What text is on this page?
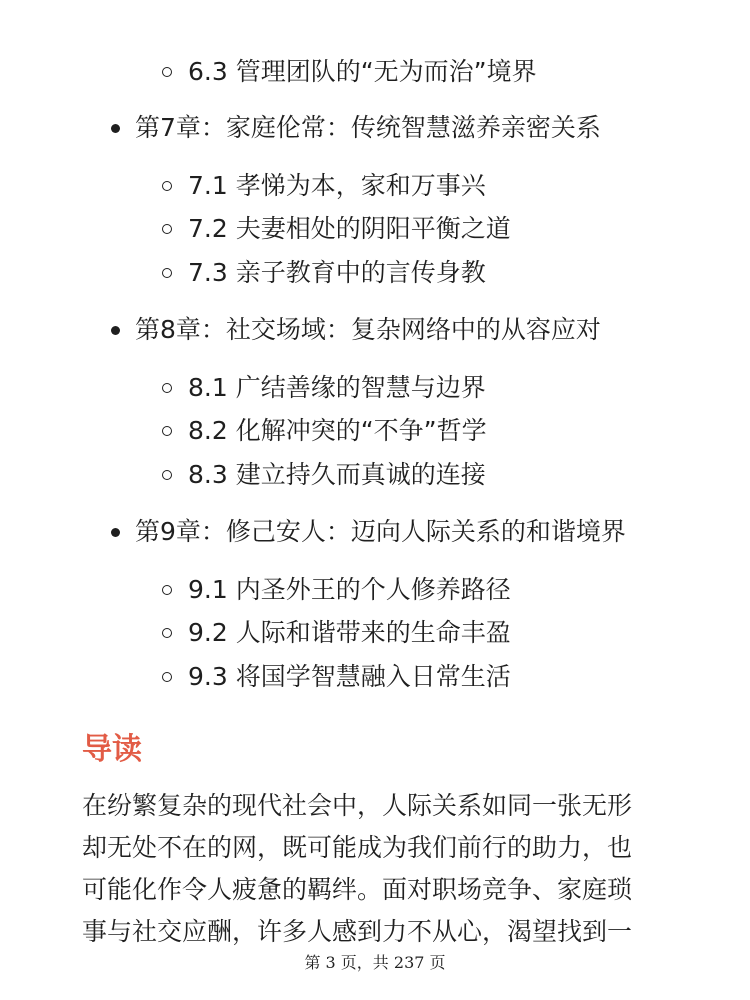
6.3 管理团队的“无为而治”境界
第7章：家庭伦常：传统智慧滋养亲密关系
7.1 孝悌为本，家和万事兴
7.2 夫妻相处的阴阳平衡之道
7.3 亲子教育中的言传身教
第8章：社交场域：复杂网络中的从容应对
8.1 广结善缘的智慧与边界
8.2 化解冲突的“不争”哲学
8.3 建立持久而真诚的连接
第9章：修己安人：迈向人际关系的和谐境界
9.1 内圣外王的个人修养路径
9.2 人际和谐带来的生命丰盈
9.3 将国学智慧融入日常生活
导读
在纷繁复杂的现代社会中，人际关系如同一张无形
却无处不在的网，既可能成为我们前行的助力，也
可能化作令人疲惫的羁绊。面对职场竞争、家庭琐
事与社交应酬，许多人感到力不从心，渴望找到一
第 3 页，共 237 页
